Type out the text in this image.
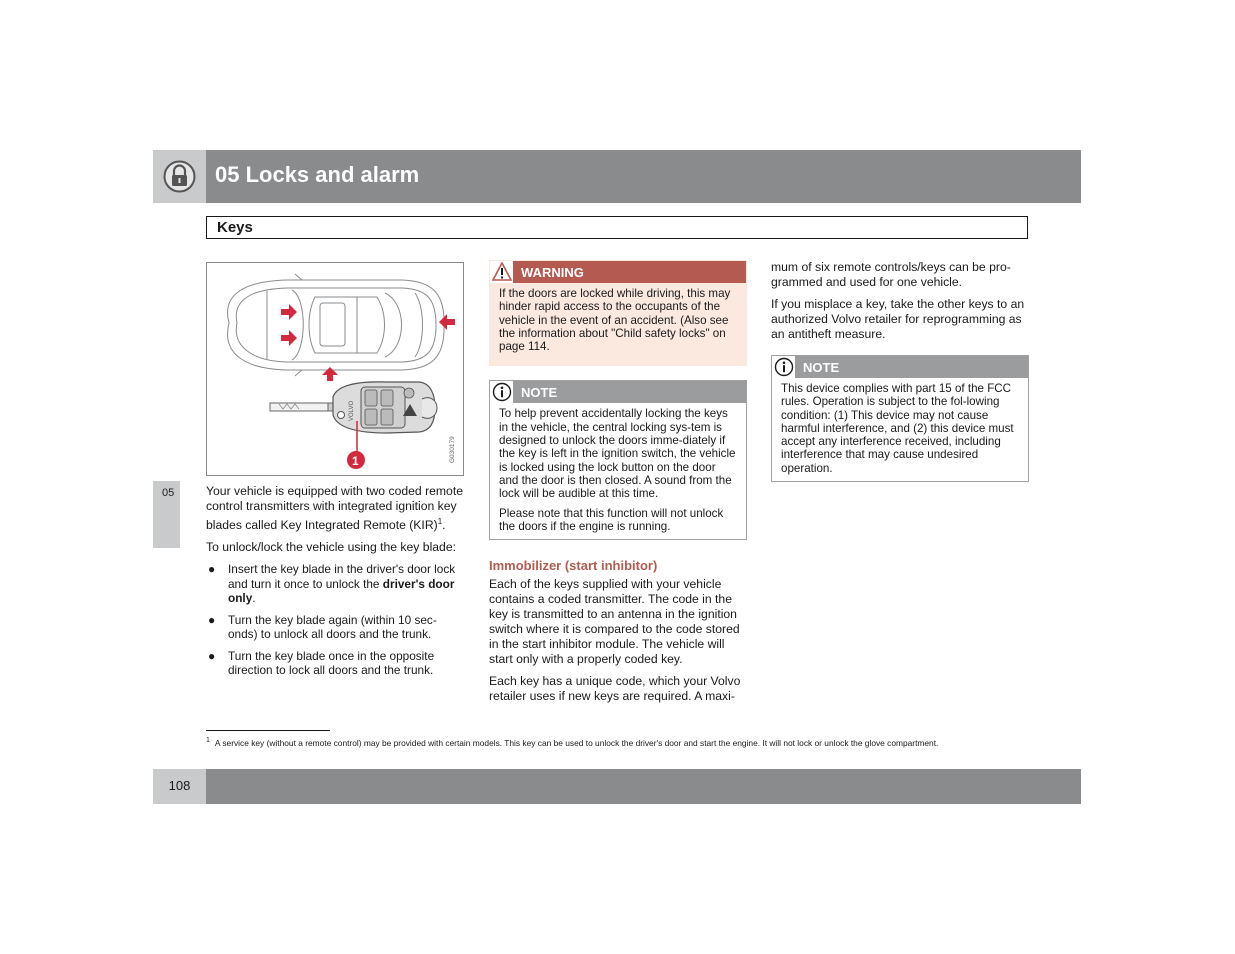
05 Locks and alarm
Keys
05
VOLVO
1	G030179

Your vehicle is equipped with two coded remote control transmitters with integrated ignition key blades called Key Integrated Remote (KIR)$^1$.

To unlock/lock the vehicle using the key blade:

● Insert the key blade in the driver's door lock and turn it once to unlock the driver's door only.
● Turn the key blade again (within 10 sec-onds) to unlock all doors and the trunk.
● Turn the key blade once in the opposite direction to lock all doors and the trunk.
WARNING

If the doors are locked while driving, this may hinder rapid access to the occupants of the vehicle in the event of an accident. (Also see the information about "Child safety locks" on page 114.

NOTE

To help prevent accidentally locking the keys in the vehicle, the central locking sys-tem is designed to unlock the doors imme-diately if the key is left in the ignition switch, the vehicle is locked using the lock button on the door and the door is then closed. A sound from the lock will be audible at this time.

Please note that this function will not unlock the doors if the engine is running.

Immobilizer (start inhibitor)

Each of the keys supplied with your vehicle contains a coded transmitter. The code in the key is transmitted to an antenna in the ignition switch where it is compared to the code stored in the start inhibitor module. The vehicle will start only with a properly coded key.

Each key has a unique code, which your Volvo retailer uses if new keys are required. A maxi-

mum of six remote controls/keys can be pro-grammed and used for one vehicle.

If you misplace a key, take the other keys to an authorized Volvo retailer for reprogramming as an antitheft measure.

NOTE

This device complies with part 15 of the FCC rules. Operation is subject to the fol-lowing condition: (1) This device may not cause harmful interference, and (2) this device must accept any interference received, including interference that may cause undesired operation.

$^1$ A service key (without a remote control) may be provided with certain models. This key can be used to unlock the driver's door and start the engine. It will not lock or unlock the glove compartment.
108
